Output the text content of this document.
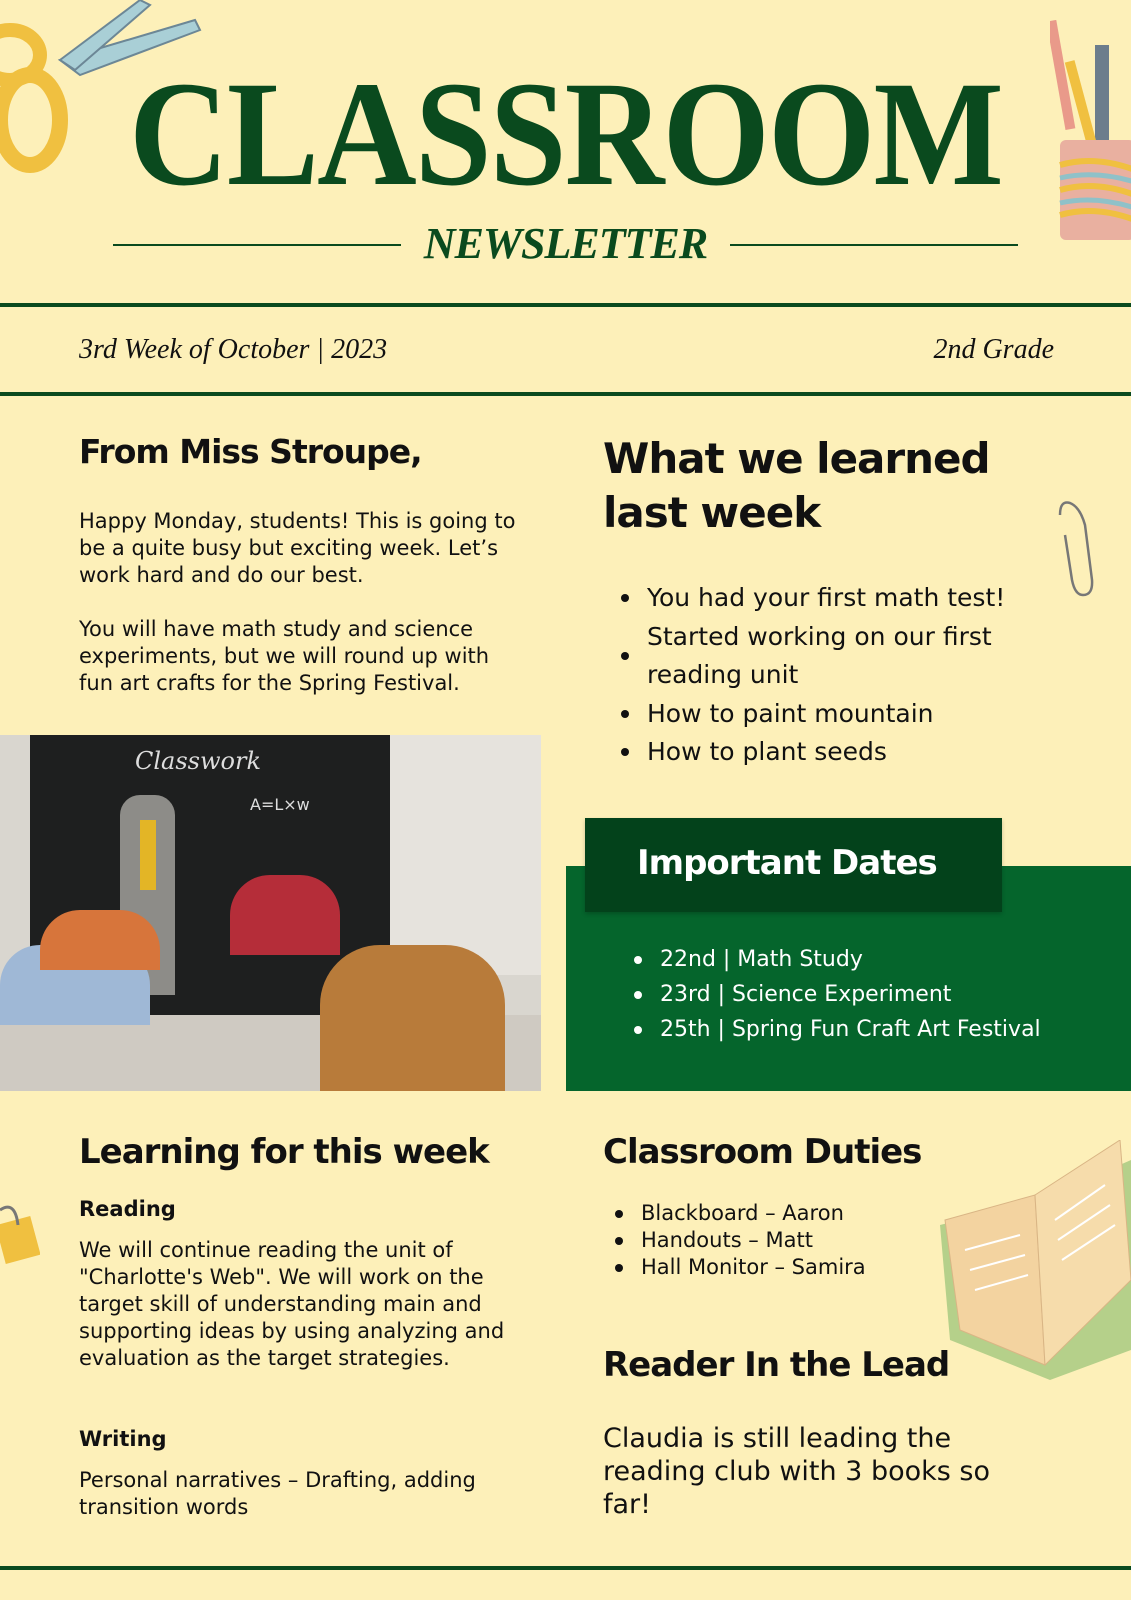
CLASSROOM
NEWSLETTER
3rd Week of October | 2023	2nd Grade
From Miss Stroupe,

Happy Monday, students! This is going to be a quite busy but exciting week. Let’s work hard and do our best.

You will have math study and science experiments, but we will round up with fun art crafts for the Spring Festival.

Classwork
A=L×w
What we learned last week
You had your first math test!
Started working on our first reading unit
How to paint mountain
How to plant seeds
Important Dates
22nd | Math Study
23rd | Science Experiment
25th | Spring Fun Craft Art Festival
Learning for this week
Reading

We will continue reading the unit of "Charlotte's Web". We will work on the target skill of understanding main and supporting ideas by using analyzing and evaluation as the target strategies.

Writing

Personal narratives – Drafting, adding transition words

Classroom Duties
Blackboard – Aaron
Handouts – Matt
Hall Monitor – Samira
Reader In the Lead

Claudia is still leading the reading club with 3 books so far!
